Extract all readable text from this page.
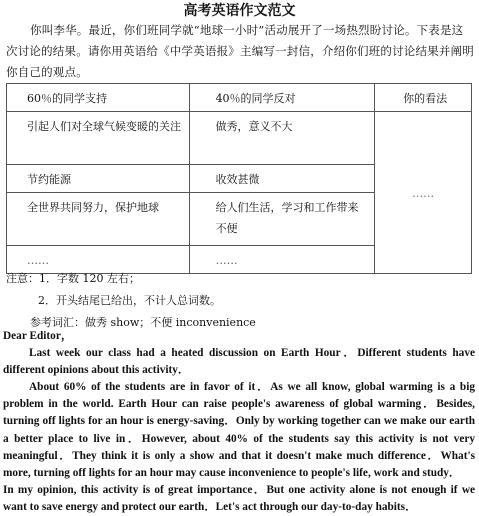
高考英语作文范文
你叫李华。最近，你们班同学就“地球一小时”活动展开了一场热烈盼讨论。下表是这次讨论的结果。请你用英语给《中学英语报》主编写一封信，介绍你们班的讨论结果并阐明你自己的观点。
60％的同学支持	40％的同学反对	你的看法
引起人们对全球气候变暖的关注	做秀，意义不大	……
节约能源	收效甚微	
全世界共同努力，保护地球	给人们生活，学习和工作带来不便	
……	……	
注意：1．字数 120 左右；
2．开头结尾已给出，不计人总词数。
参考词汇：做秀 show；不便 inconvenience

Dear Editor，

Last week our class had a heated discussion on Earth Hour．Different students have different opinions about this activity．

About 60% of the students are in favor of it．As we all know, global warming is a big problem in the world. Earth Hour can raise people's awareness of global warming．Besides, turning off lights for an hour is energy-saving．Only by working together can we make our earth a better place to live in．However, about 40% of the students say this activity is not very meaningful．They think it is only a show and that it doesn't make much difference．What's more, turning off lights for an hour may cause inconvenience to people's life, work and study．

In my opinion, this activity is of great importance．But one activity alone is not enough if we want to save energy and protect our earth．Let's act through our day-to-day habits．
